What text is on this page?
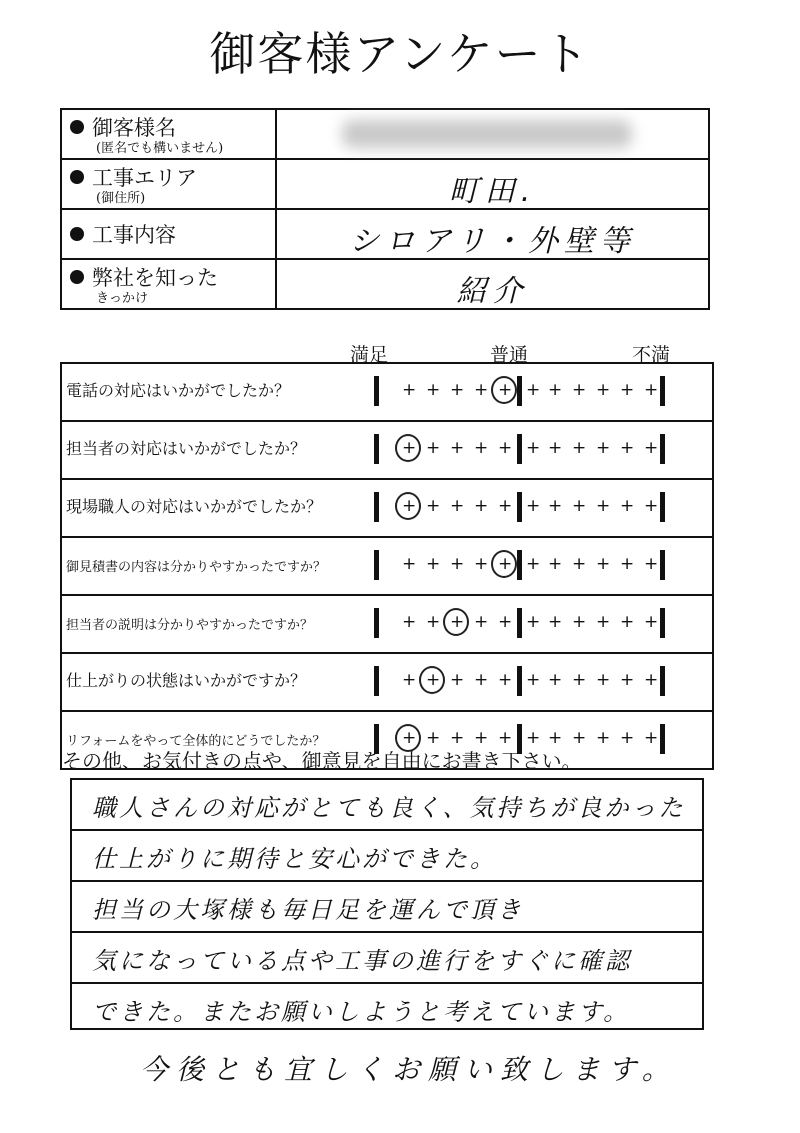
御客様アンケート
御客様名
(匿名でも構いません)	

工事エリア
(御住所)	町田.

工事内容	シロアリ・外壁等

弊社を知った
きっかけ	紹介
満足	普通	不満
電話の対応はいかがでしたか？	+ + + + + + + + + + +
担当者の対応はいかがでしたか？	+ + + + + + + + + + +
現場職人の対応はいかがでしたか？	+ + + + + + + + + + +
御見積書の内容は分かりやすかったですか？	+ + + + + + + + + + +
担当者の説明は分かりやすかったですか？	+ + + + + + + + + + +
仕上がりの状態はいかがですか？	+ + + + + + + + + + +
リフォームをやって全体的にどうでしたか？	+ + + + + + + + + + +
その他、お気付きの点や、御意見を自由にお書き下さい。
職人さんの対応がとても良く、気持ちが良かった
仕上がりに期待と安心ができた。
担当の大塚様も毎日足を運んで頂き
気になっている点や工事の進行をすぐに確認
できた。またお願いしようと考えています。
今後とも宜しくお願い致します。
